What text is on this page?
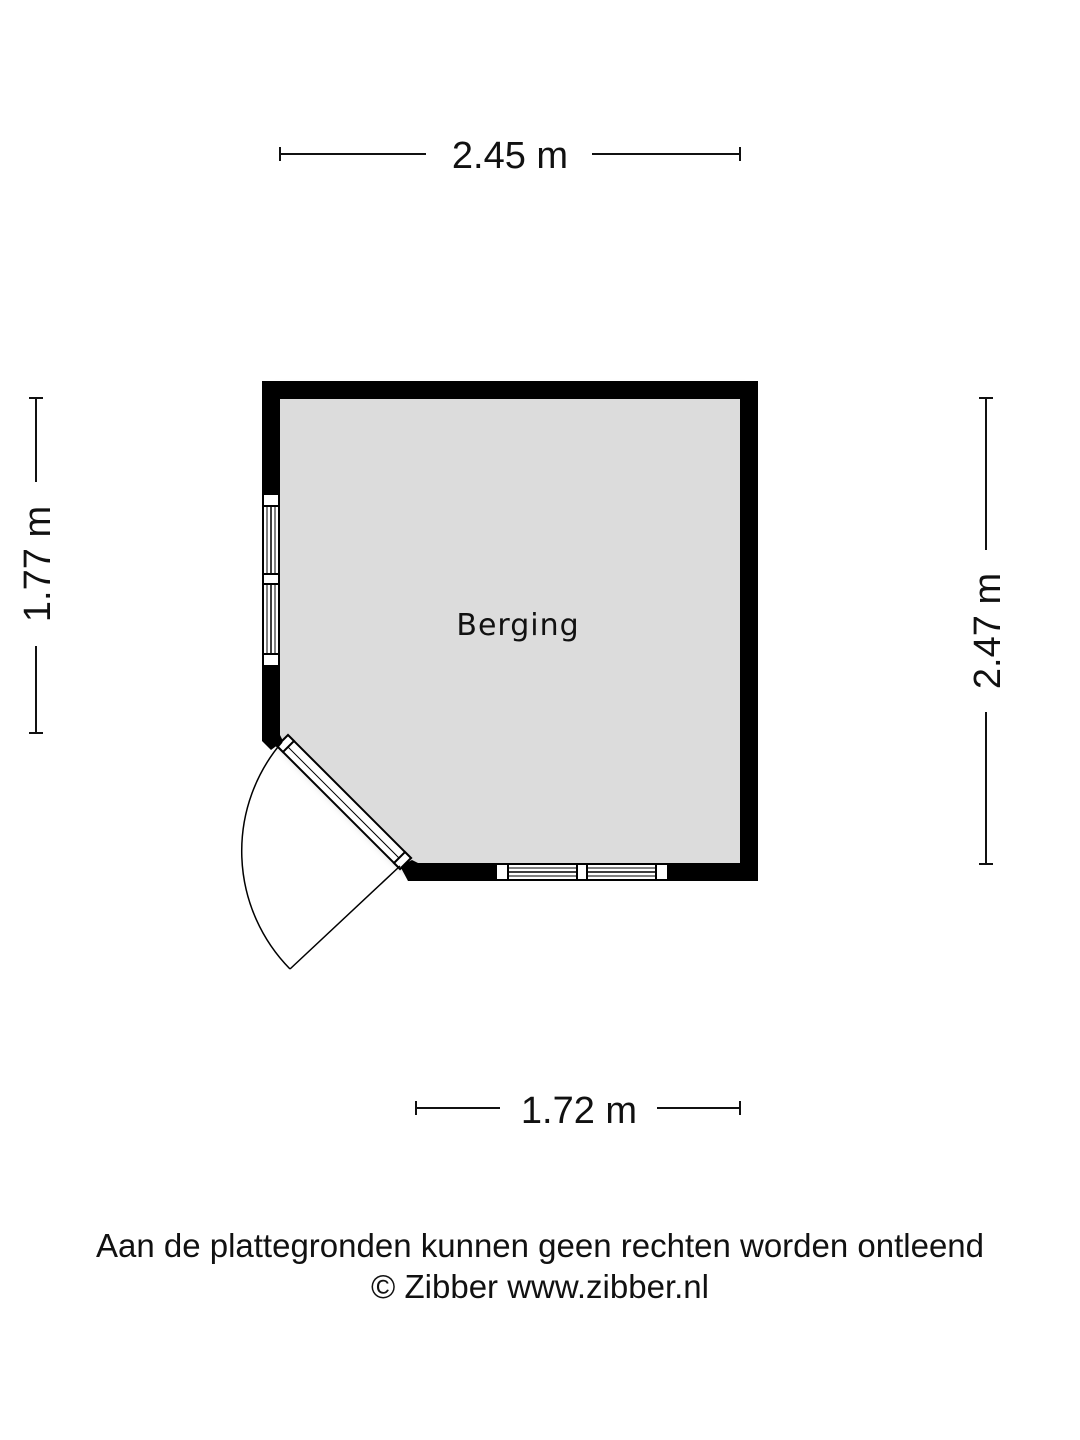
2.45 m
1.77 m
2.47 m
1.72 m
Berging
Aan de plattegronden kunnen geen rechten worden ontleend
© Zibber www.zibber.nl
